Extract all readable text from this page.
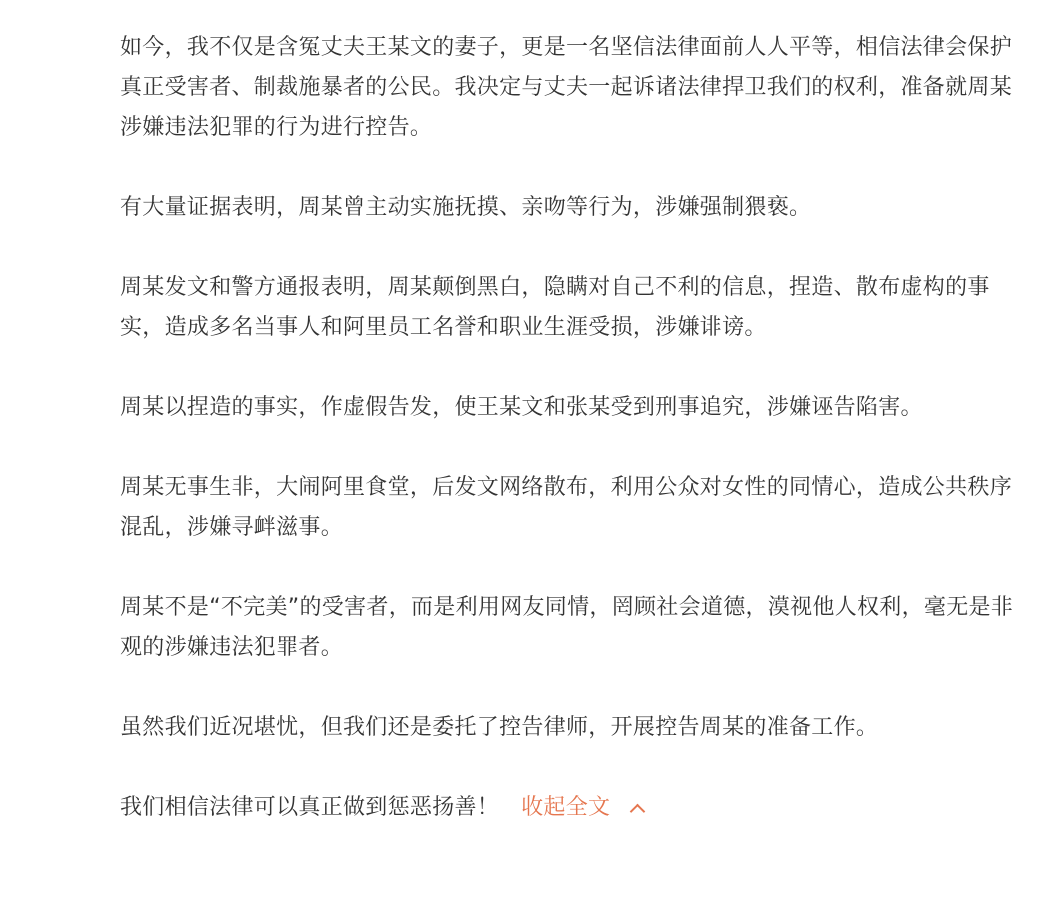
如今，我不仅是含冤丈夫王某文的妻子，更是一名坚信法律面前人人平等，相信法律会保护真正受害者、制裁施暴者的公民。我决定与丈夫一起诉诸法律捍卫我们的权利，准备就周某涉嫌违法犯罪的行为进行控告。

有大量证据表明，周某曾主动实施抚摸、亲吻等行为，涉嫌强制猥亵。

周某发文和警方通报表明，周某颠倒黑白，隐瞒对自己不利的信息，捏造、散布虚构的事实，造成多名当事人和阿里员工名誉和职业生涯受损，涉嫌诽谤。

周某以捏造的事实，作虚假告发，使王某文和张某受到刑事追究，涉嫌诬告陷害。

周某无事生非，大闹阿里食堂，后发文网络散布，利用公众对女性的同情心，造成公共秩序混乱，涉嫌寻衅滋事。

周某不是“不完美”的受害者，而是利用网友同情，罔顾社会道德，漠视他人权利，毫无是非观的涉嫌违法犯罪者。

虽然我们近况堪忧，但我们还是委托了控告律师，开展控告周某的准备工作。

我们相信法律可以真正做到惩恶扬善！ 收起全文
